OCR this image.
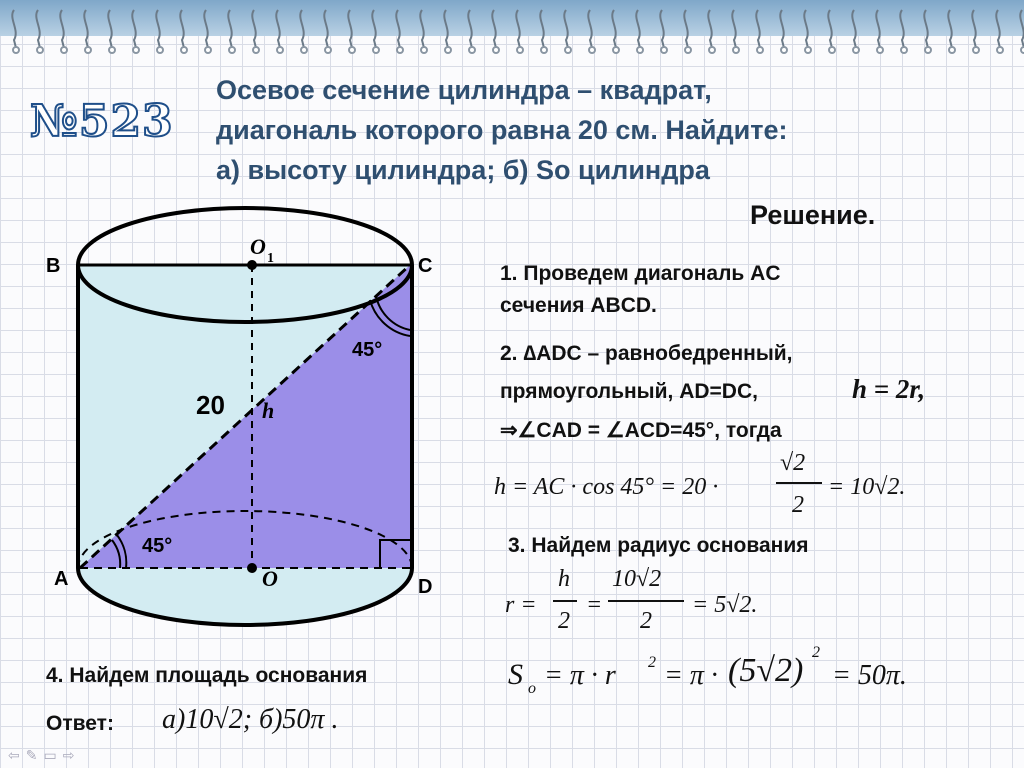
№523
Осевое сечение цилиндра – квадрат,
диагональ которого равна 20 см. Найдите:
а) высоту цилиндра; б) So цилиндра
Решение.
B	C
A	D
O 1
O
20 h
45°
45°
1. Проведем диагональ AC
сечения ABCD.
2. ∆ADC – равнобедренный,
прямоугольный, AD=DC,	h = 2r,
⇒∠CAD = ∠ACD=45°, тогда
h = AC · cos 45° = 20 ·
√2
2
= 10√2.
3. Найдем радиус основания
r =
h
2
=
10√2
2
= 5√2.
4. Найдем площадь основания	S o = π · r 2 = π · (5√2) 2
= 50π.
Ответ: а)10√2; б)50π .
⇦✎▭⇨
